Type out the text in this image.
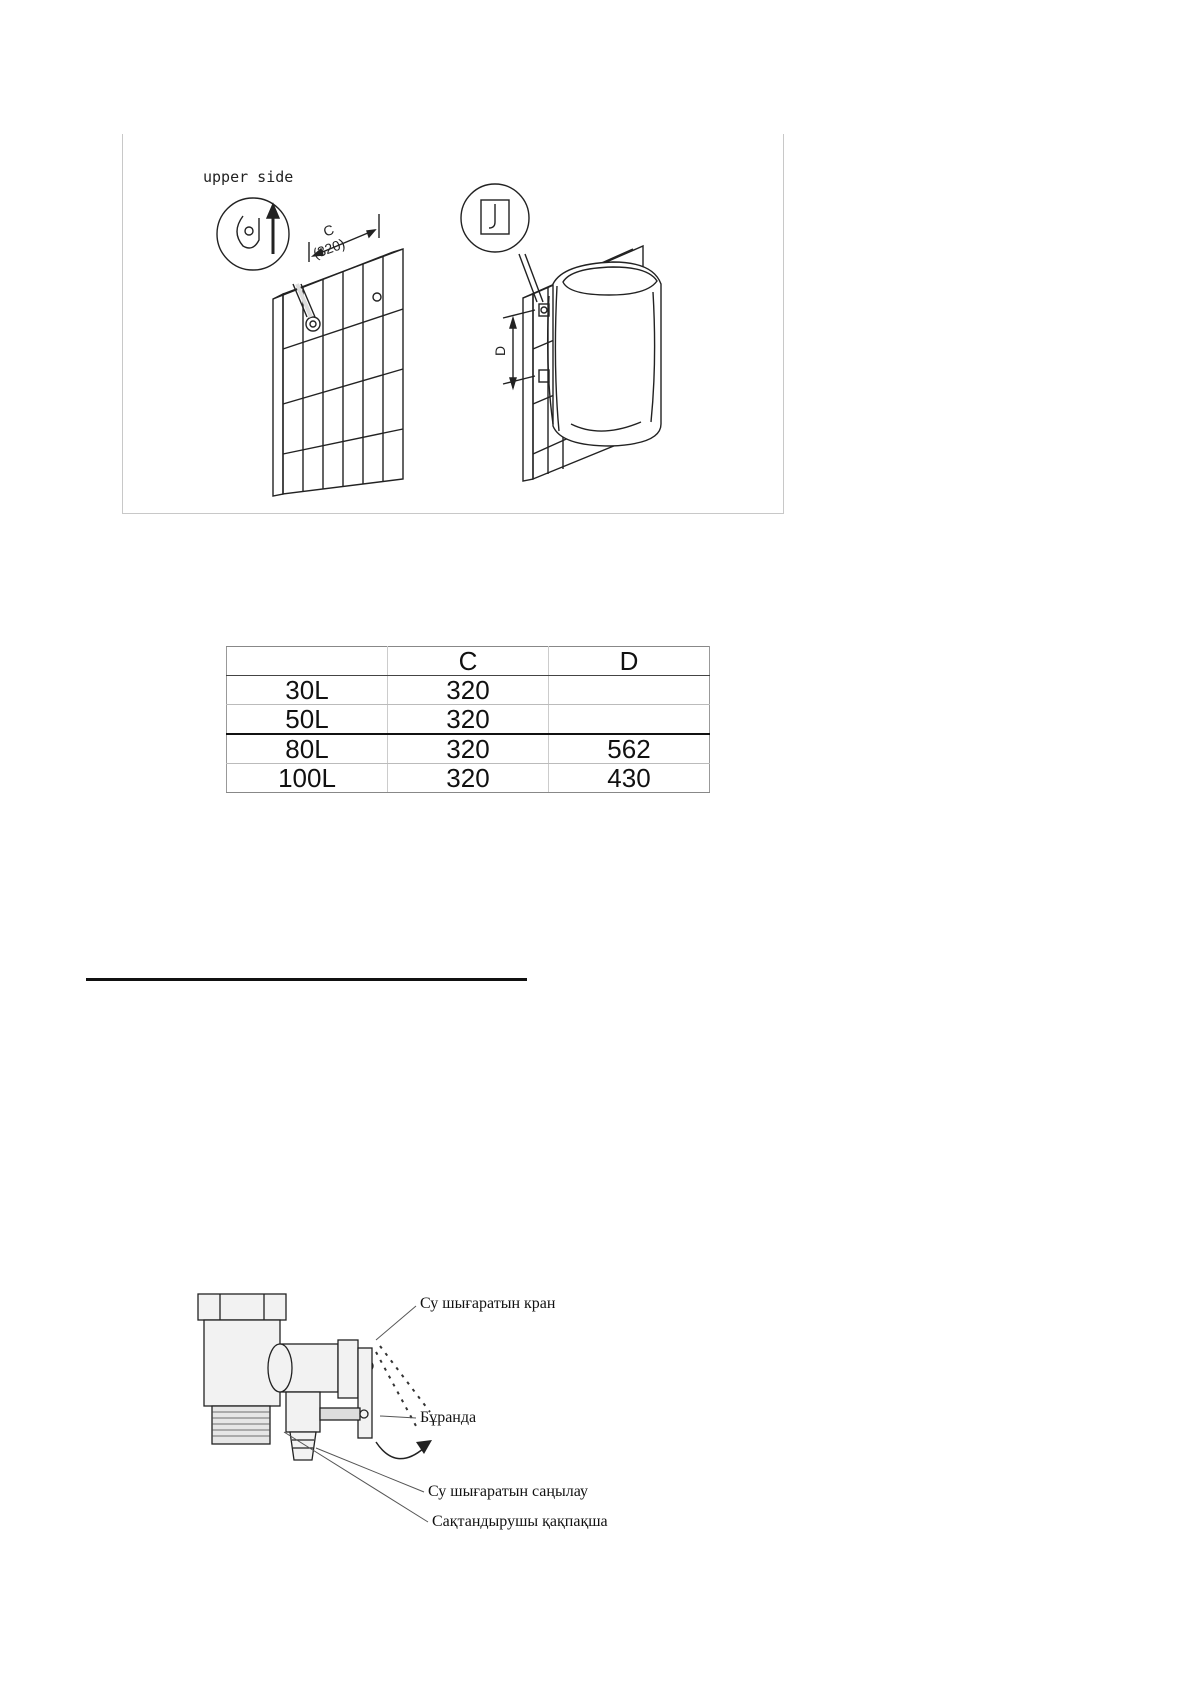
upper side
C
(320)
D
	C	D
30L	320	
50L	320	
80L	320	562
100L	320	430
Су шығаратын кран
Бұранда
Су шығаратын саңылау
Сақтандырушы қақпақша
